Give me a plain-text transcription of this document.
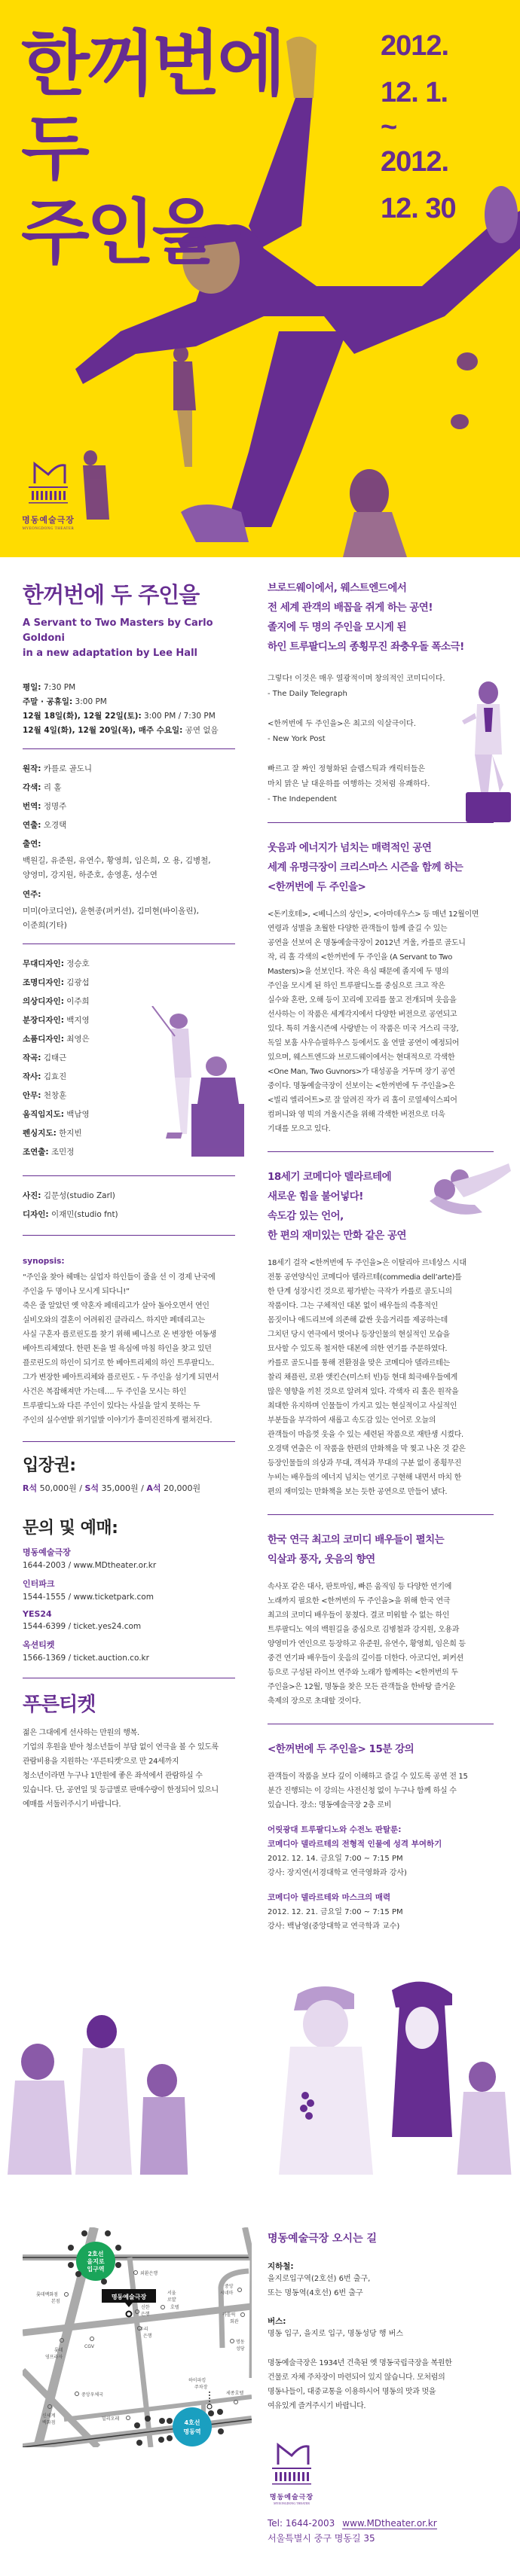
한꺼번에
두
주인을
2012.
12. 1.
~
2012.
12. 30
명동예술극장
MYEONGDONG THEATER
한꺼번에 두 주인을
A Servant to Two Masters by Carlo Goldoni
in a new adaptation by Lee Hall
평일: 7:30 PM
주말 · 공휴일: 3:00 PM
12월 18일(화), 12월 22일(토): 3:00 PM / 7:30 PM
12월 4일(화), 12월 20일(목), 매주 수요일: 공연 없음
원작: 카를로 골도니
각색: 리 홀
번역: 정명주
연출: 오경택
출연:
백원길, 유준원, 유연수, 황영희, 임은희, 오 용, 김병철,
양영미, 강지원, 하준호, 송영훈, 성수연
연주:
미미(아코디언), 윤현종(퍼커션), 김미현(바이올린),
이준희(기타)
무대디자인: 정승호
조명디자인: 김광섭
의상디자인: 이주희
분장디자인: 백지영
소품디자인: 최영은
작곡: 김태근
작사: 김효진
안무: 천창훈
움직임지도: 백남영
펜싱지도: 한지빈
조연출: 조민정
사진: 김문성(studio Zarl)
디자인: 이재민(studio fnt)
synopsis:
“주인을 찾아 헤매는 실업자 하인들이 줄을 선 이 경제 난국에
주인을 두 명이나 모시게 되다니!”
죽은 줄 알았던 옛 약혼자 페데리고가 살아 돌아오면서 연인
실비오와의 결혼이 어려워진 클라리스. 하지만 페데리고는
사실 구혼자 플로린도를 찾기 위해 베니스로 온 변장한 여동생
베아트리체였다. 한편 돈을 벌 욕심에 마침 하인을 찾고 있던
플로린도의 하인이 되기로 한 베아트리체의 하인 트루팔디노.
그가 변장한 베아트리체와 플로린도 - 두 주인을 섬기게 되면서
사건은 복잡해져만 가는데…. 두 주인을 모시는 하인
트루팔디노와 다른 주인이 있다는 사실을 알지 못하는 두
주인의 실수연발 위기일발 이야기가 흥미진진하게 펼쳐진다.
입장권:
R석 50,000원 / S석 35,000원 / A석 20,000원
문의 및 예매:
명동예술극장
1644-2003 / www.MDtheater.or.kr
인터파크
1544-1555 / www.ticketpark.com
YES24
1544-6399 / ticket.yes24.com
옥션티켓
1566-1369 / ticket.auction.co.kr
푸른티켓
젊은 그대에게 선사하는 만원의 행복.
기업의 후원을 받아 청소년들이 부담 없이 연극을 볼 수 있도록
관람비용을 지원하는 ‘푸른티켓’으로 만 24세까지
청소년이라면 누구나 1만원에 좋은 좌석에서 관람하실 수
있습니다. 단, 공연일 및 등급별로 판매수량이 한정되어 있으니
예매를 서둘러주시기 바랍니다.
브로드웨이에서, 웨스트엔드에서
전 세계 관객의 배꼽을 쥐게 하는 공연!
졸지에 두 명의 주인을 모시게 된
하인 트루팔디노의 종횡무진 좌충우돌 폭소극!
그렇다! 이것은 매우 열광적이며 창의적인 코미디이다.
- The Daily Telegraph
<한꺼번에 두 주인을>은 최고의 익살극이다.
- New York Post
빠르고 잘 짜인 정형화된 슬랩스틱과 캐릭터들은
마치 맑은 날 대운하를 여행하는 것처럼 유쾌하다.
- The Independent
웃음과 에너지가 넘치는 매력적인 공연
세계 유명극장이 크리스마스 시즌을 함께 하는
<한꺼번에 두 주인을>
<돈키호테>, <베니스의 상인>, <아마데우스> 등 매년 12월이면
연령과 성별을 초월한 다양한 관객들이 함께 즐길 수 있는
공연을 선보여 온 명동예술극장이 2012년 겨울, 카를로 골도니
작, 리 홀 각색의 <한꺼번에 두 주인을 (A Servant to Two
Masters)>을 선보인다. 작은 욕심 때문에 졸지에 두 명의
주인을 모시게 된 하인 트루팔디노를 중심으로 크고 작은
실수와 혼란, 오해 등이 꼬리에 꼬리를 물고 전개되며 웃음을
선사하는 이 작품은 세계각지에서 다양한 버전으로 공연되고
있다. 특히 겨울시즌에 사랑받는 이 작품은 미국 거스리 극장,
독일 보훔 사우슈필하우스 등에서도 올 연말 공연이 예정되어
있으며, 웨스트엔드와 브로드웨이에서는 현대적으로 각색한
<One Man, Two Guvnors>가 대성공을 거두며 장기 공연
중이다. 명동예술극장이 선보이는 <한꺼번에 두 주인을>은
<빌리 엘리어트>로 잘 알려진 작가 리 홀이 로열셰익스피어
컴퍼니와 영 빅의 겨울시즌을 위해 각색한 버전으로 더욱
기대를 모으고 있다.
18세기 코메디아 델라르테에
새로운 힘을 불어넣다!
속도감 있는 언어,
한 편의 재미있는 만화 같은 공연
18세기 걸작 <한꺼번에 두 주인을>은 이탈리아 르네상스 시대
전통 공연양식인 코메디아 델라르테(commedia dell’arte)를
한 단계 성장시킨 것으로 평가받는 극작가 카를로 골도니의
작품이다. 그는 구체적인 대본 없이 배우들의 즉흥적인
몸짓이나 애드리브에 의존해 값싼 웃음거리를 제공하는데
그치던 당시 연극에서 벗어나 등장인물의 현실적인 모습을
묘사할 수 있도록 철저한 대본에 의한 연기를 주문하였다.
카를로 골도니를 통해 전환점을 맞은 코메디아 델라르테는
찰리 채플린, 로완 앳킨슨(미스터 빈)등 현대 희극배우들에게
많은 영향을 끼친 것으로 알려져 있다. 각색자 리 홀은 원작을
최대한 유지하며 인물들이 가지고 있는 현실적이고 사실적인
부분들을 부각하여 새롭고 속도감 있는 언어로 오늘의
관객들이 마음껏 웃을 수 있는 세련된 작품으로 재탄생 시켰다.
오경택 연출은 이 작품을 한편의 만화책을 막 찢고 나온 것 같은
등장인물들의 의상과 무대, 객석과 무대의 구분 없이 종횡무진
누비는 배우들의 에너지 넘치는 연기로 구현해 내면서 마치 한
편의 재미있는 만화책을 보는 듯한 공연으로 만들어 냈다.
한국 연극 최고의 코미디 배우들이 펼치는
익살과 풍자, 웃음의 향연
속사포 같은 대사, 판토마임, 빠른 움직임 등 다양한 연기에
노래까지 필요한 <한꺼번의 두 주인을>을 위해 한국 연극
최고의 코미디 배우들이 뭉쳤다. 결코 미워할 수 없는 하인
트루팔디노 역의 백원길을 중심으로 김병철과 강지원, 오용과
양영미가 연인으로 등장하고 유준원, 유연수, 황영희, 임은희 등
중견 연기파 배우들이 웃음의 깊이를 더한다. 아코디언, 퍼커션
등으로 구성된 라이브 연주와 노래가 함께하는 <한꺼번의 두
주인을>은 12월, 명동을 찾은 모든 관객들을 한바탕 즐거운
축제의 장으로 초대할 것이다.
<한꺼번에 두 주인을> 15분 강의
관객들이 작품을 보다 깊이 이해하고 즐길 수 있도록 공연 전 15
분간 진행되는 이 강의는 사전신청 없이 누구나 함께 하실 수
있습니다. 장소: 명동예술극장 2층 로비
어릿광대 트루팔디노와 수전노 판탈룬:
코메디아 델라르테의 전형적 인물에 성격 부여하기
2012. 12. 14. 금요일 7:00 ~ 7:15 PM
강사: 장지연(서경대학교 연극영화과 강사)
코메디아 델라르테와 마스크의 매력
2012. 12. 21. 금요일 7:00 ~ 7:15 PM
강사: 백남영(중앙대학교 연극학과 교수)
2호선
을지로
입구역
명동예술극장
4호선
명동역
외환은행
롯데백화점
본점
서울
로얄
호텔
신한
은행
우리
은행
중앙
시네마
카톨릭
회관
명동
성당
CGV
롯데
영프라자
하이파킹
주차장
중앙우체국	세종호텔
신세계
백화점
밀리오레
명동예술극장 오시는 길
지하철:
을지로입구역(2호선) 6번 출구,
또는 명동역(4호선) 6번 출구
버스:
명동 입구, 을지로 입구, 명동성당 행 버스
명동예술극장은 1934년 건축된 옛 명동국립극장을 복원한
건물로 자체 주차장이 마련되어 있지 않습니다. 모처럼의
명동나들이, 대중교통을 이용하시어 명동의 맛과 멋을
여유있게 즐겨주시기 바랍니다.
명동예술극장
MYEONGDONG THEATER
Tel: 1644-2003 www.MDtheater.or.kr
서울특별시 중구 명동길 35
